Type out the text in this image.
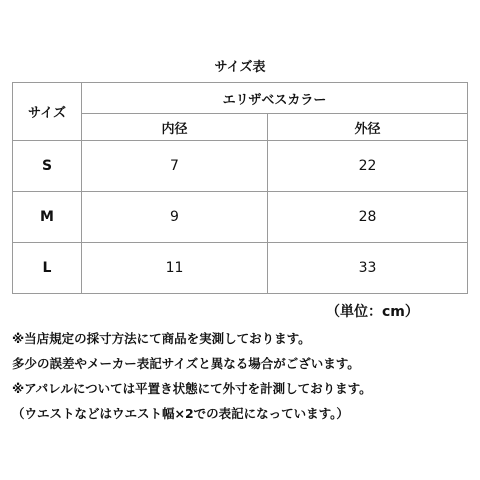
サイズ表
サイズ	エリザベスカラー	
	内径	外径
S	7	22
M	9	28
L	11	33
（単位：cm）
※当店規定の採寸方法にて商品を実測しております。
多少の誤差やメーカー表記サイズと異なる場合がございます。
※アパレルについては平置き状態にて外寸を計測しております。
（ウエストなどはウエスト幅×2での表記になっています。）
